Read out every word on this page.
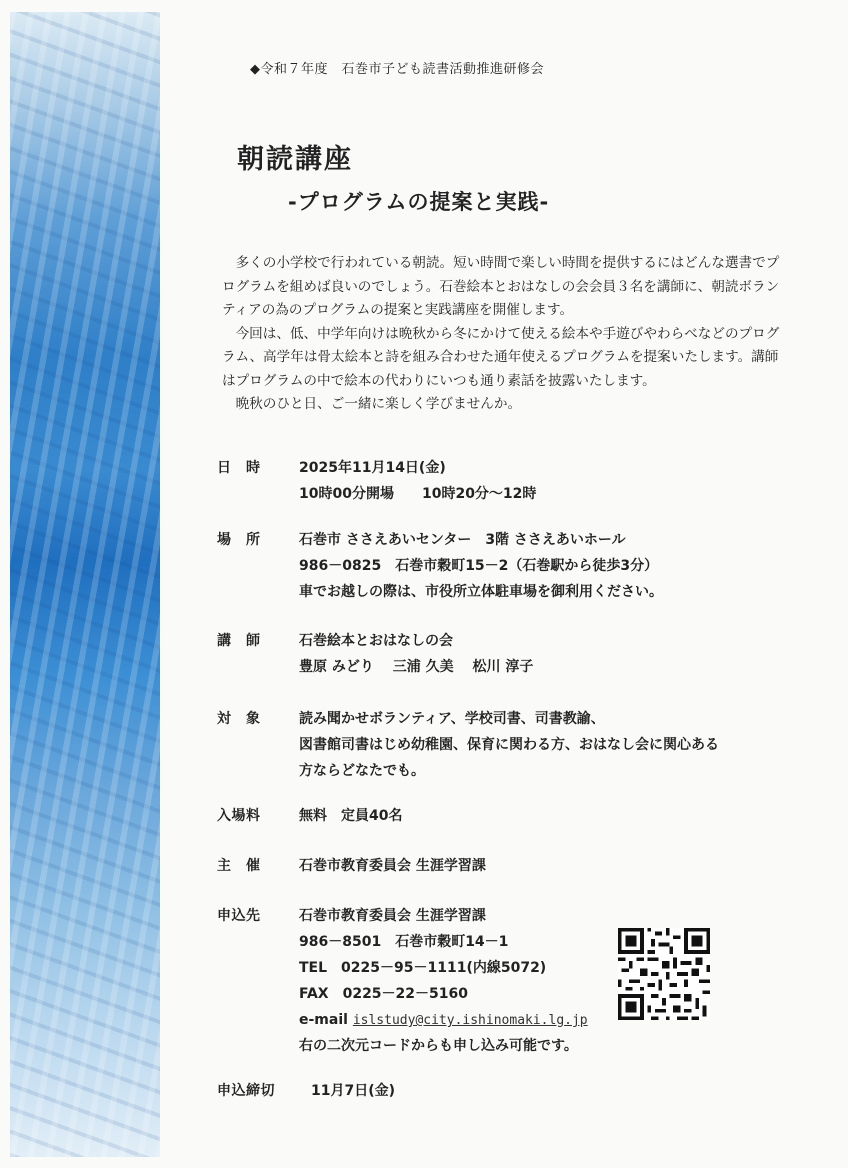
◆令和７年度　石巻市子ども読書活動推進研修会
朝読講座
-プログラムの提案と実践-

多くの小学校で行われている朝読。短い時間で楽しい時間を提供するにはどんな選書でプログラムを組めば良いのでしょう。石巻絵本とおはなしの会会員３名を講師に、朝読ボランティアの為のプログラムの提案と実践講座を開催します。

今回は、低、中学年向けは晩秋から冬にかけて使える絵本や手遊びやわらべなどのプログラム、高学年は骨太絵本と詩を組み合わせた通年使えるプログラムを提案いたします。講師はプログラムの中で絵本の代わりにいつも通り素話を披露いたします。

晩秋のひと日、ご一緒に楽しく学びませんか。

日　時	2025年11月14日(金)
10時00分開場　　10時20分～12時
場　所	石巻市 ささえあいセンター　3階 ささえあいホール
986－0825　石巻市穀町15－2（石巻駅から徒歩3分）
車でお越しの際は、市役所立体駐車場を御利用ください。
講　師	石巻絵本とおはなしの会
豊原 みどり　 三浦 久美　 松川 淳子
対　象	読み聞かせボランティア、学校司書、司書教諭、
図書館司書はじめ幼稚園、保育に関わる方、おはなし会に関心ある
方ならどなたでも。
入場料	無料　定員40名
主　催	石巻市教育委員会 生涯学習課
申込先	石巻市教育委員会 生涯学習課
986－8501　石巻市穀町14－1
TEL　0225－95－1111(内線5072)
FAX　0225－22－5160
e-mail islstudy@city.ishinomaki.lg.jp
右の二次元コードからも申し込み可能です。
申込締切	11月7日(金)
